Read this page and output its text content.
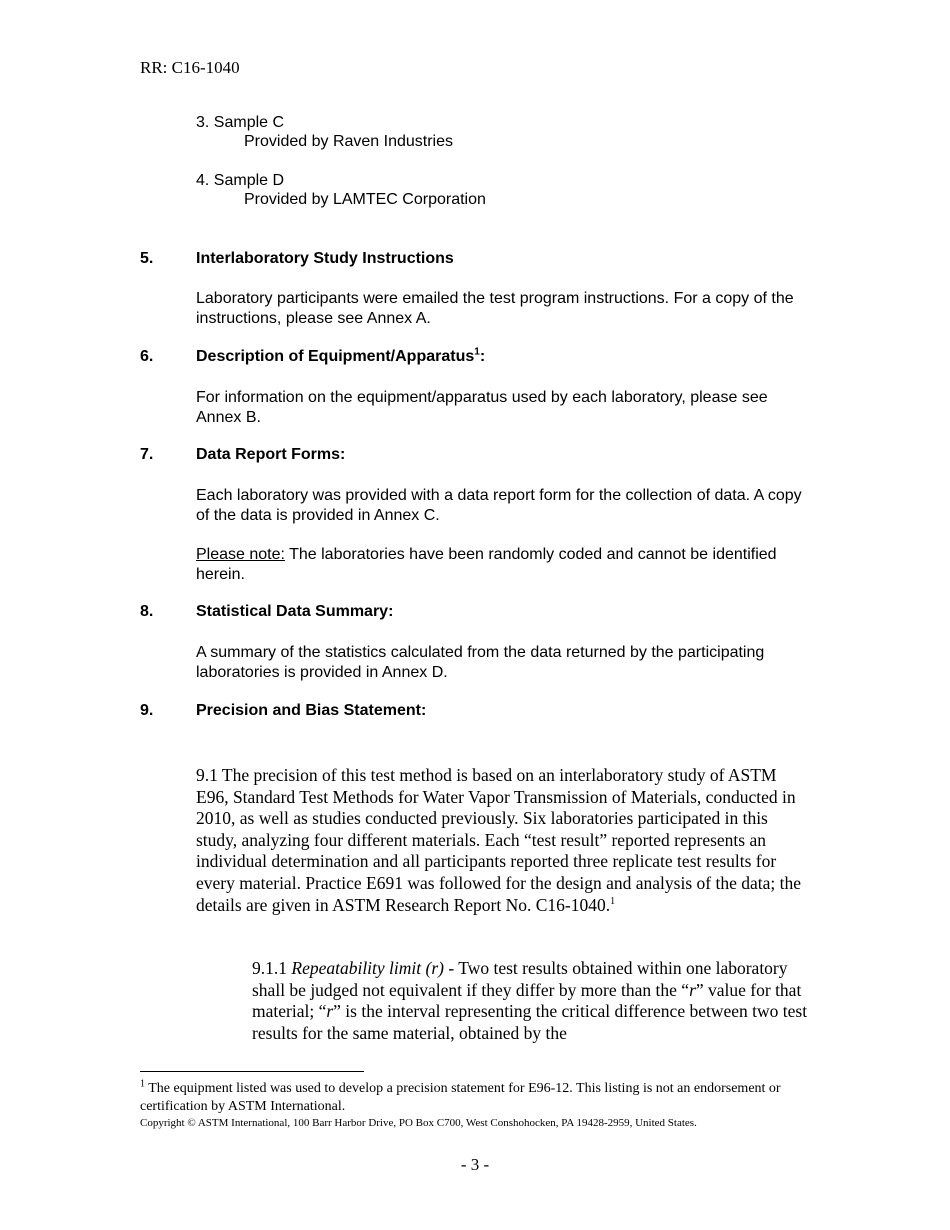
RR: C16-1040
3. Sample C
Provided by Raven Industries
4. Sample D
Provided by LAMTEC Corporation
5.	Interlaboratory Study Instructions
Laboratory participants were emailed the test program instructions. For a copy of the instructions, please see Annex A.
6.	Description of Equipment/Apparatus$^1$:
For information on the equipment/apparatus used by each laboratory, please see Annex B.
7.	Data Report Forms:
Each laboratory was provided with a data report form for the collection of data. A copy of the data is provided in Annex C.
Please note: The laboratories have been randomly coded and cannot be identified herein.
8.	Statistical Data Summary:
A summary of the statistics calculated from the data returned by the participating laboratories is provided in Annex D.
9.	Precision and Bias Statement:
9.1 The precision of this test method is based on an interlaboratory study of ASTM E96, Standard Test Methods for Water Vapor Transmission of Materials, conducted in 2010, as well as studies conducted previously. Six laboratories participated in this study, analyzing four different materials. Each “test result” reported represents an individual determination and all participants reported three replicate test results for every material. Practice E691 was followed for the design and analysis of the data; the details are given in ASTM Research Report No. C16-1040.$^1$
9.1.1 Repeatability limit (r) - Two test results obtained within one laboratory shall be judged not equivalent if they differ by more than the “r” value for that material; “r” is the interval representing the critical difference between two test results for the same material, obtained by the
$^1$ The equipment listed was used to develop a precision statement for E96-12. This listing is not an endorsement or certification by ASTM International.
Copyright © ASTM International, 100 Barr Harbor Drive, PO Box C700, West Conshohocken, PA 19428-2959, United States.
- 3 -
